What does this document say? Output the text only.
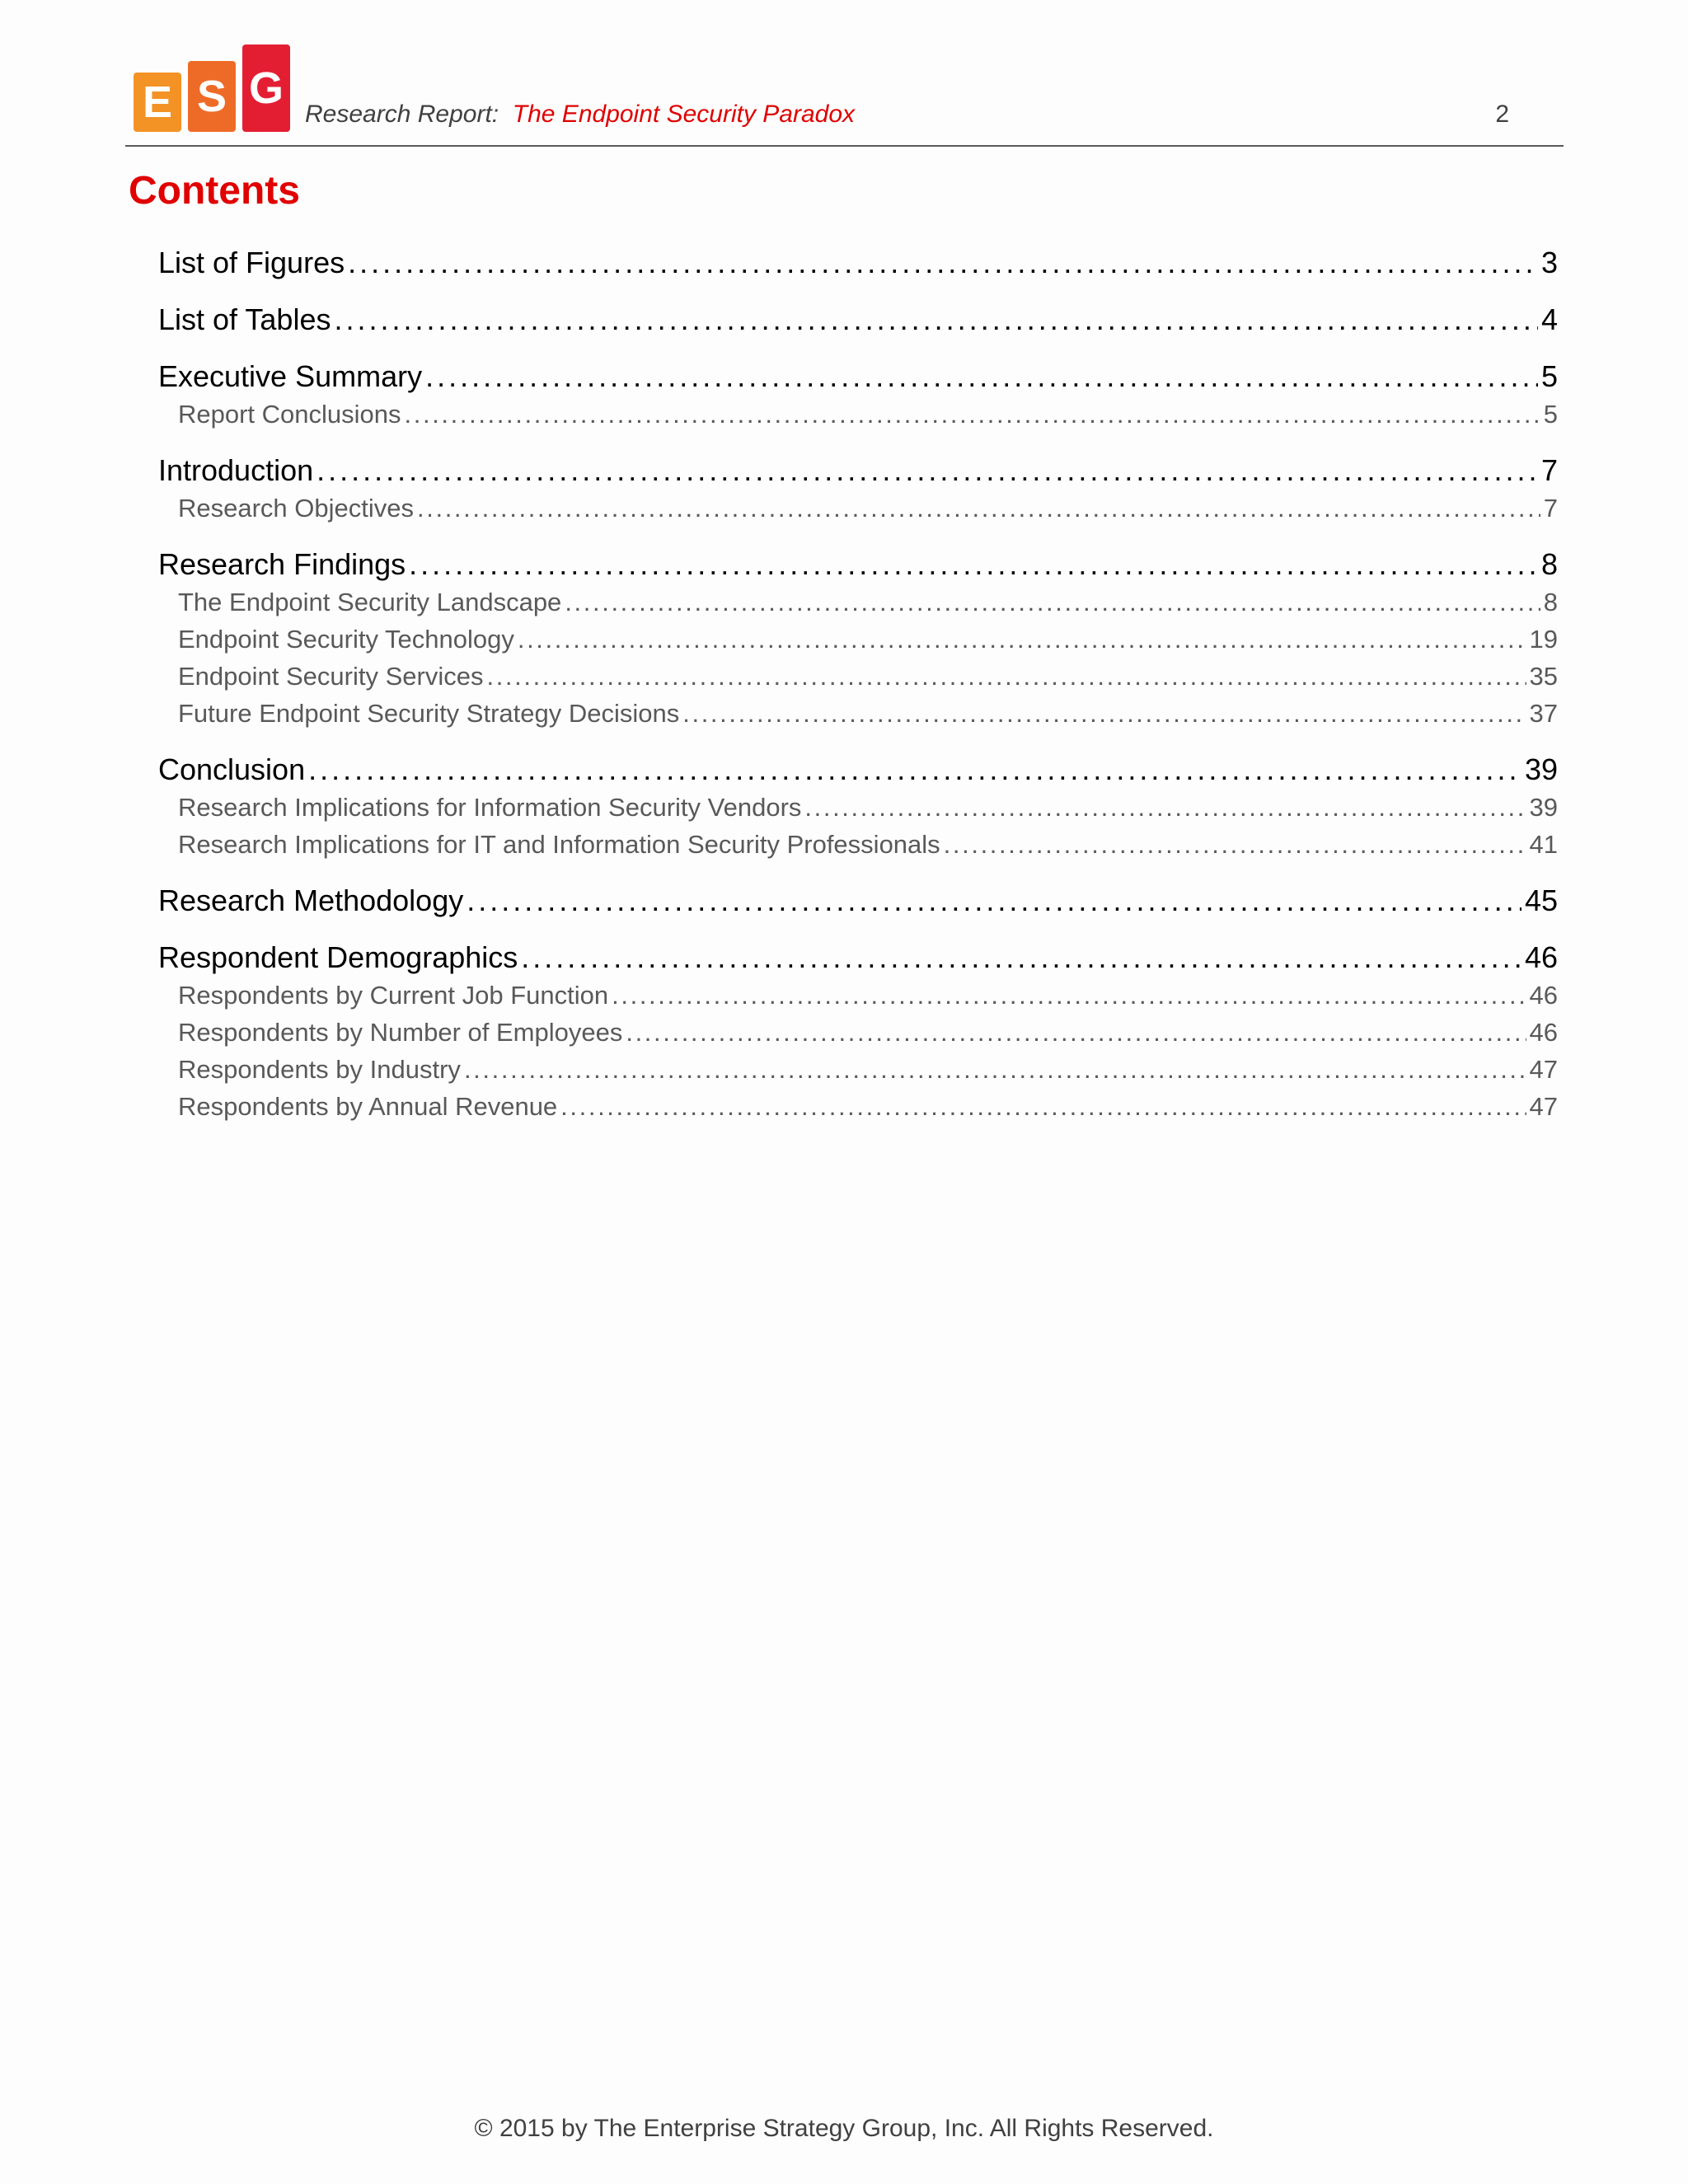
E S G
Research Report: The Endpoint Security Paradox	2
Contents
List of Figures . . .	3
List of Tables . . .	4
Executive Summary . . .	5
Report Conclusions . . .	5
Introduction . . .	7
Research Objectives . . .	7
Research Findings . . .	8
The Endpoint Security Landscape . . .	8
Endpoint Security Technology . . .	19
Endpoint Security Services . . .	35
Future Endpoint Security Strategy Decisions . . .	37
Conclusion . . .	39
Research Implications for Information Security Vendors . . .	39
Research Implications for IT and Information Security Professionals . . .	41
Research Methodology . . .	45
Respondent Demographics . . .	46
Respondents by Current Job Function . . .	46
Respondents by Number of Employees . . .	46
Respondents by Industry . . .	47
Respondents by Annual Revenue . . .	47
© 2015 by The Enterprise Strategy Group, Inc. All Rights Reserved.
